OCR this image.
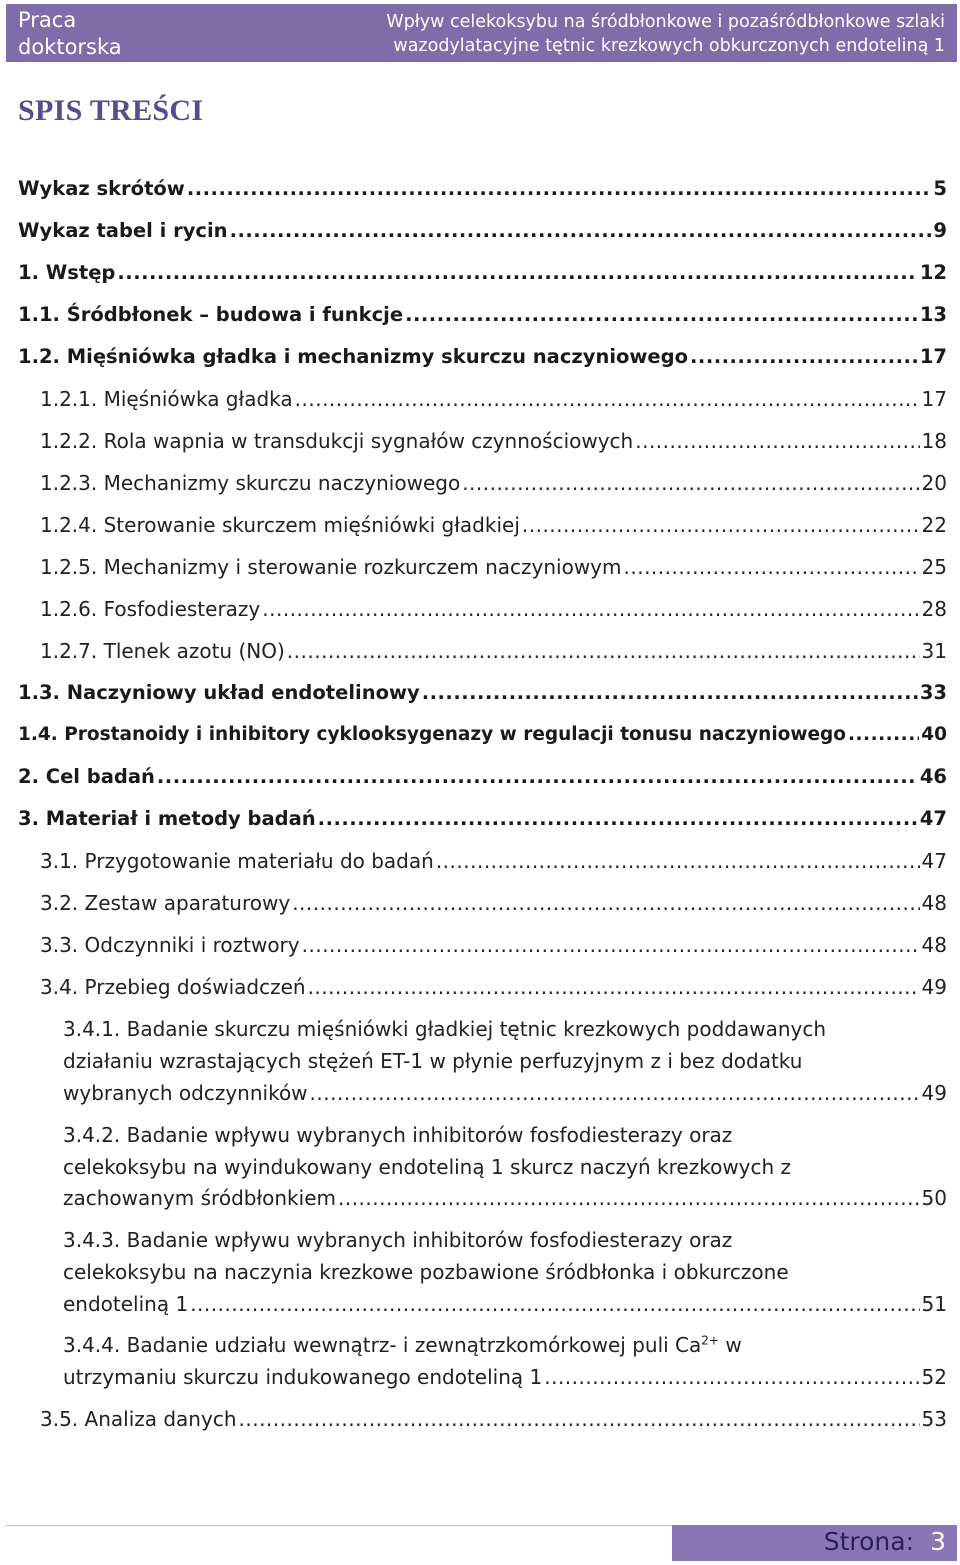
Praca doktorska
Wpływ celekoksybu na śródbłonkowe i pozaśródbłonkowe szlaki wazodylatacyjne tętnic krezkowych obkurczonych endoteliną 1
SPIS TREŚCI
Wykaz skrótów .....	5
Wykaz tabel i rycin .....	9
1. Wstęp .....	12
1.1. Śródbłonek – budowa i funkcje .....	13
1.2. Mięśniówka gładka i mechanizmy skurczu naczyniowego .....	17
1.2.1. Mięśniówka gładka .....	17
1.2.2. Rola wapnia w transdukcji sygnałów czynnościowych .....	18
1.2.3. Mechanizmy skurczu naczyniowego .....	20
1.2.4. Sterowanie skurczem mięśniówki gładkiej .....	22
1.2.5. Mechanizmy i sterowanie rozkurczem naczyniowym .....	25
1.2.6. Fosfodiesterazy .....	28
1.2.7. Tlenek azotu (NO) .....	31
1.3. Naczyniowy układ endotelinowy .....	33
1.4. Prostanoidy i inhibitory cyklooksygenazy w regulacji tonusu naczyniowego .....	40
2. Cel badań .....	46
3. Materiał i metody badań .....	47
3.1. Przygotowanie materiału do badań .....	47
3.2. Zestaw aparaturowy .....	48
3.3. Odczynniki i roztwory .....	48
3.4. Przebieg doświadczeń .....	49
3.4.1. Badanie skurczu mięśniówki gładkiej tętnic krezkowych poddawanych
działaniu wzrastających stężeń ET-1 w płynie perfuzyjnym z i bez dodatku
wybranych odczynników .....	49
3.4.2. Badanie wpływu wybranych inhibitorów fosfodiesterazy oraz
celekoksybu na wyindukowany endoteliną 1 skurcz naczyń krezkowych z
zachowanym śródbłonkiem .....	50
3.4.3. Badanie wpływu wybranych inhibitorów fosfodiesterazy oraz
celekoksybu na naczynia krezkowe pozbawione śródbłonka i obkurczone
endoteliną 1 .....	51
3.4.4. Badanie udziału wewnątrz- i zewnątrzkomórkowej puli $Ca^{2+}$ w
utrzymaniu skurczu indukowanego endoteliną 1 .....	52
3.5. Analiza danych .....	53
Strona: 3
